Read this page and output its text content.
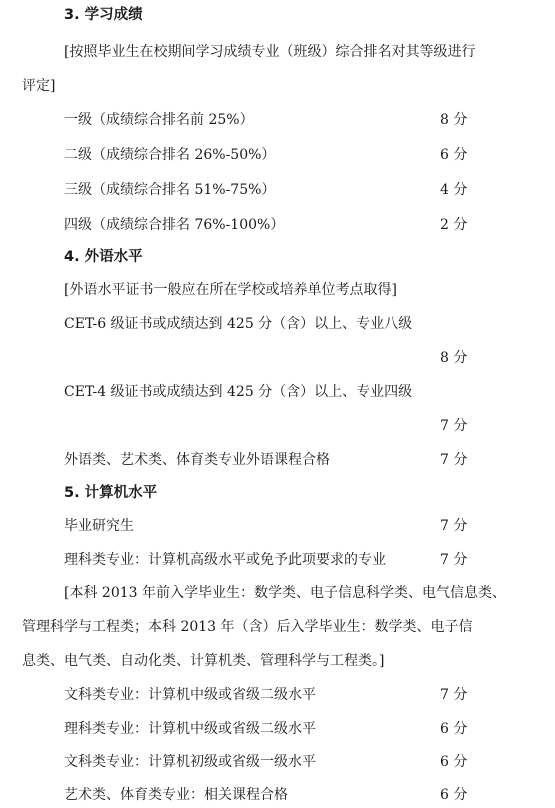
3. 学习成绩
[按照毕业生在校期间学习成绩专业（班级）综合排名对其等级进行
评定]
一级（成绩综合排名前 25%）	8 分
二级（成绩综合排名 26%-50%）	6 分
三级（成绩综合排名 51%-75%）	4 分
四级（成绩综合排名 76%-100%）	2 分
4. 外语水平
[外语水平证书一般应在所在学校或培养单位考点取得]
CET-6 级证书或成绩达到 425 分（含）以上、专业八级
8 分
CET-4 级证书或成绩达到 425 分（含）以上、专业四级
7 分
外语类、艺术类、体育类专业外语课程合格	7 分
5. 计算机水平
毕业研究生	7 分
理科类专业：计算机高级水平或免予此项要求的专业	7 分
[本科 2013 年前入学毕业生：数学类、电子信息科学类、电气信息类、
管理科学与工程类；本科 2013 年（含）后入学毕业生：数学类、电子信
息类、电气类、自动化类、计算机类、管理科学与工程类。]
文科类专业：计算机中级或省级二级水平	7 分
理科类专业：计算机中级或省级二级水平	6 分
文科类专业：计算机初级或省级一级水平	6 分
艺术类、体育类专业：相关课程合格	6 分
